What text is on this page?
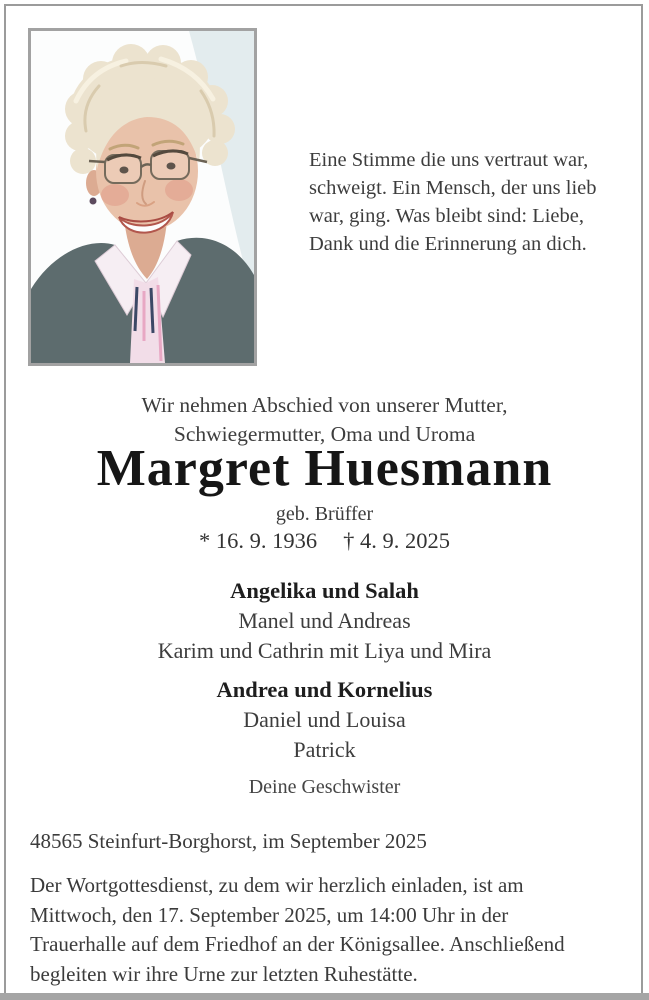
Eine Stimme die uns vertraut war,
schweigt. Ein Mensch, der uns lieb
war, ging. Was bleibt sind: Liebe,
Dank und die Erinnerung an dich.
Wir nehmen Abschied von unserer Mutter,
Schwiegermutter, Oma und Uroma
Margret Huesmann
geb. Brüffer
* 16. 9. 1936 † 4. 9. 2025
Angelika und Salah
Manel und Andreas
Karim und Cathrin mit Liya und Mira
Andrea und Kornelius
Daniel und Louisa
Patrick
Deine Geschwister
48565 Steinfurt-Borghorst, im September 2025
Der Wortgottesdienst, zu dem wir herzlich einladen, ist am
Mittwoch, den 17. September 2025, um 14:00 Uhr in der
Trauerhalle auf dem Friedhof an der Königsallee. Anschließend
begleiten wir ihre Urne zur letzten Ruhestätte.
